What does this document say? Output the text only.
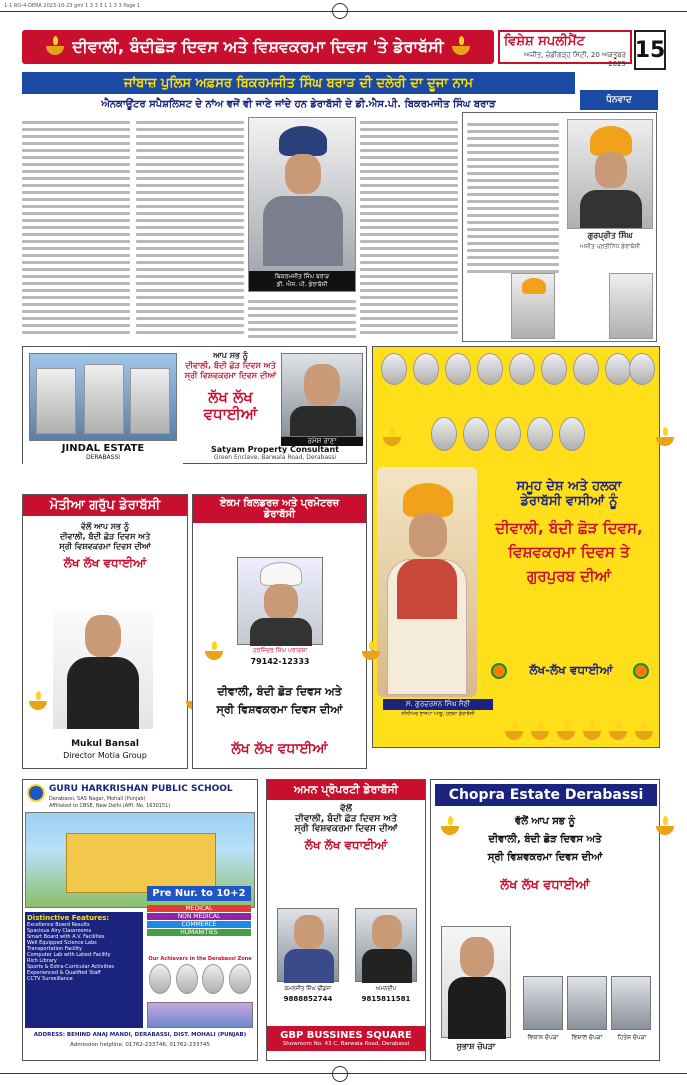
1-1 RO-4-DERA 2023-10-23 gml 1 3 3 3 1 1 3 3 Page 1
ਦੀਵਾਲੀ, ਬੰਦੀਛੋੜ ਦਿਵਸ ਅਤੇ ਵਿਸ਼ਵਕਰਮਾ ਦਿਵਸ 'ਤੇ ਡੇਰਾਬੱਸੀ	ਵਿਸ਼ੇਸ਼ ਸਪਲੀਮੈਂਟ
ਅਜੀਤ, ਚੰਡੀਗੜ੍ਹ ਸਿਟੀ, 20 ਅਕਤੂਬਰ 2025
15
ਜਾਂਬਾਜ਼ ਪੁਲਿਸ ਅਫ਼ਸਰ ਬਿਕਰਮਜੀਤ ਸਿੰਘ ਬਰਾੜ ਦੀ ਦਲੇਰੀ ਦਾ ਦੂਜਾ ਨਾਮ
ਐਨਕਾਊਂਟਰ ਸਪੈਸ਼ਲਿਸਟ ਦੇ ਨਾਂਅ ਵਜੋਂ ਵੀ ਜਾਣੇ ਜਾਂਦੇ ਹਨ ਡੇਰਾਬੱਸੀ ਦੇ ਡੀ.ਐਸ.ਪੀ. ਬਿਕਰਮਜੀਤ ਸਿੰਘ ਬਰਾੜ	ਧੰਨਵਾਦ
ਬਿਕਰਮਜੀਤ ਸਿੰਘ ਬਰਾੜ
ਡੀ. ਐਸ. ਪੀ. ਡੇਰਾਬੱਸੀ
ਗੁਰਪ੍ਰੀਤ ਸਿੰਘ
ਅਜੀਤ ਪ੍ਰਤੀਨਿਧ ਡੇਰਾਬੱਸੀ
JINDAL ESTATE
DERABASSI
ਆਪ ਸਭ ਨੂੰ
ਦੀਵਾਲੀ, ਬੰਦੀ ਛੋੜ ਦਿਵਸ ਅਤੇ
ਸ੍ਰੀ ਵਿਸ਼ਵਕਰਮਾ ਦਿਵਸ ਦੀਆਂ
ਲੱਖ ਲੱਖ ਵਧਾਈਆਂ
ਰਮੇਸ਼ ਰਾਣਾ
Satyam Property Consultant
Green Enclave, Barwala Road, Derabassi

ਸਮੂਹ ਦੇਸ਼ ਅਤੇ ਹਲਕਾ
ਡੇਰਾਬੱਸੀ ਵਾਸੀਆਂ ਨੂੰ
ਦੀਵਾਲੀ, ਬੰਦੀ ਛੋੜ ਦਿਵਸ,
ਵਿਸ਼ਵਕਰਮਾ ਦਿਵਸ ਤੇ
ਗੁਰਪੁਰਬ ਦੀਆਂ
ਲੱਖ-ਲੱਖ ਵਧਾਈਆਂ
ਸ. ਗੁਰਦਰਸ਼ਨ ਸਿੰਘ ਸੈਣੀ
ਸੀਨੀਅਰ ਭਾਜਪਾ ਆਗੂ, ਹਲਕਾ ਡੇਰਾਬੱਸੀ
ਮੋਤੀਆ ਗਰੁੱਪ ਡੇਰਾਬੱਸੀ
ਵੱਲੋਂ ਆਪ ਸਭ ਨੂੰ
ਦੀਵਾਲੀ, ਬੰਦੀ ਛੋੜ ਦਿਵਸ ਅਤੇ
ਸ੍ਰੀ ਵਿਸ਼ਵਕਰਮਾ ਦਿਵਸ ਦੀਆਂ
ਲੱਖ ਲੱਖ ਵਧਾਈਆਂ

Mukul Bansal
Director Motia Group
ਏਕਮ ਬਿਲਡਰਜ਼ ਅਤੇ ਪ੍ਰਮੋਟਰਜ਼
ਡੇਰਾਬੱਸੀ

ਹਰਜਿੰਦਰ ਸਿੰਘ ਪਰਾਗਸ਼ਾ
79142-12333
ਦੀਵਾਲੀ, ਬੰਦੀ ਛੋੜ ਦਿਵਸ ਅਤੇ
ਸ੍ਰੀ ਵਿਸ਼ਵਕਰਮਾ ਦਿਵਸ ਦੀਆਂ
ਲੱਖ ਲੱਖ ਵਧਾਈਆਂ
GURU HARKRISHAN PUBLIC SCHOOL
Derabassi, SAS Nagar, Mohali (Punjab)
Affiliated to CBSE, New Delhi (Affl. No. 1630151)
Pre Nur. to 10+2
MEDICAL
NON MEDICAL
COMMERCE
HUMANITIES
Distinctive Features:
Excellence Board Results
Spacious Airy Classrooms
Smart Board with A.V. Facilities
Well Equipped Science Labs
Transportation Facility
Computer Lab with Latest Facility
Rich Library
Sports & Extra-Curricular Activities
Experienced & Qualified Staff
CCTV Surveillance
Our Achievers in the Derabassi Zone
ADDRESS: BEHIND ANAJ MANDI, DERABASSI, DIST. MOHALI (PUNJAB)
Admission helpline: 01762-233746, 01762-233745
ਅਮਨ ਪ੍ਰੋਪਰਟੀ ਡੇਰਾਬੱਸੀ
ਵੱਲੋਂ
ਦੀਵਾਲੀ, ਬੰਦੀ ਛੋੜ ਦਿਵਸ ਅਤੇ
ਸ੍ਰੀ ਵਿਸ਼ਵਕਰਮਾ ਦਿਵਸ ਦੀਆਂ
ਲੱਖ ਲੱਖ ਵਧਾਈਆਂ
ਕਮਲਜੀਤ ਸਿੰਘ ਢੀਂਡਸਾ
9888852744
ਅਮਨਦੀਪ
9815811581
GBP BUSSINES SQUARE
Showroom No. 43 C, Barwala Road, Derabassi
Chopra Estate Derabassi

ਵੱਲੋਂ ਆਪ ਸਭ ਨੂੰ
ਦੀਵਾਲੀ, ਬੰਦੀ ਛੋੜ ਦਿਵਸ ਅਤੇ
ਸ੍ਰੀ ਵਿਸ਼ਵਕਰਮਾ ਦਿਵਸ ਦੀਆਂ
ਲੱਖ ਲੱਖ ਵਧਾਈਆਂ
ਸੁਭਾਸ਼ ਚੋਪੜਾ
ਵਿਕਾਸ ਚੋਪੜਾ	ਵਿਸ਼ਾਲ ਚੋਪੜਾ	ਹਿਤੇਸ਼ ਚੋਪੜਾ
